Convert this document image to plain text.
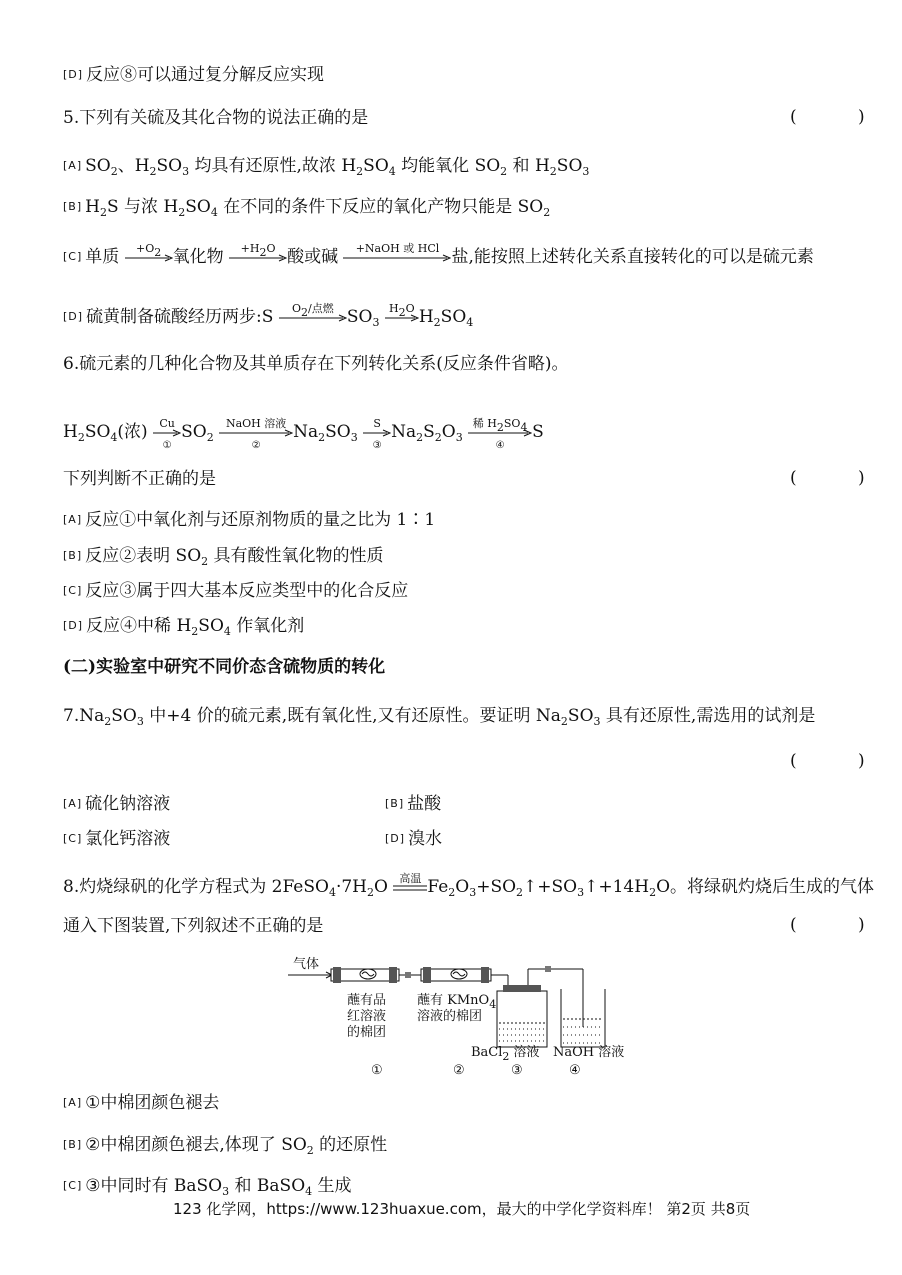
[D] 反应⑧可以通过复分解反应实现
5.下列有关硫及其化合物的说法正确的是	( )
[A] $SO_2$、$H_2SO_3$ 均具有还原性,故浓 $H_2SO_4$ 均能氧化 $SO_2$ 和 $H_2SO_3$
[B] $H_2S$ 与浓 $H_2SO_4$ 在不同的条件下反应的氧化产物只能是 $SO_2$
[C] 单质	$+O_2$ 氧化物	$+H_2O$ 酸或碱	+NaOH 或 HCl 盐,能按照上述转化关系直接转化的可以是硫元素
[D] 硫黄制备硫酸经历两步:S	$O_2/$点燃 $SO_3$
$H_2O$ $H_2SO_4$
6.硫元素的几种化合物及其单质存在下列转化关系(反应条件省略)。
$H_2SO_4$(浓)	Cu
①
$SO_2$
NaOH 溶液
②
$Na_2SO_3$
S
③
$Na_2S_2O_3$
稀 $H_2SO_4$
④
S
下列判断不正确的是	( )
[A] 反应①中氧化剂与还原剂物质的量之比为 1∶1
[B] 反应②表明 $SO_2$ 具有酸性氧化物的性质
[C] 反应③属于四大基本反应类型中的化合反应
[D] 反应④中稀 $H_2SO_4$ 作氧化剂
(二)实验室中研究不同价态含硫物质的转化
$7.Na_2SO_3$ 中+4 价的硫元素,既有氧化性,又有还原性。要证明 $Na_2SO_3$ 具有还原性,需选用的试剂是
( )
[A] 硫化钠溶液	[B] 盐酸
[C] 氯化钙溶液	[D] 溴水
8.灼烧绿矾的化学方程式为 $2FeSO_4\cdot 7H_2O$	高温 $Fe_2O_3+SO_2↑+SO_3↑+14H_2O$。将绿矾灼烧后生成的气体
通入下图装置,下列叙述不正确的是	( )
气体
蘸有品
红溶液
的棉团
蘸有 KMnO$_4$
溶液的棉团
BaCl$_2$ 溶液 NaOH 溶液
①	②	③	④
[A] ①中棉团颜色褪去
[B] ②中棉团颜色褪去,体现了 $SO_2$ 的还原性
[C] ③中同时有 BaSO$_3$ 和 BaSO$_4$ 生成
123 化学网，https://www.123huaxue.com，最大的中学化学资料库！ 第2页 共8页
